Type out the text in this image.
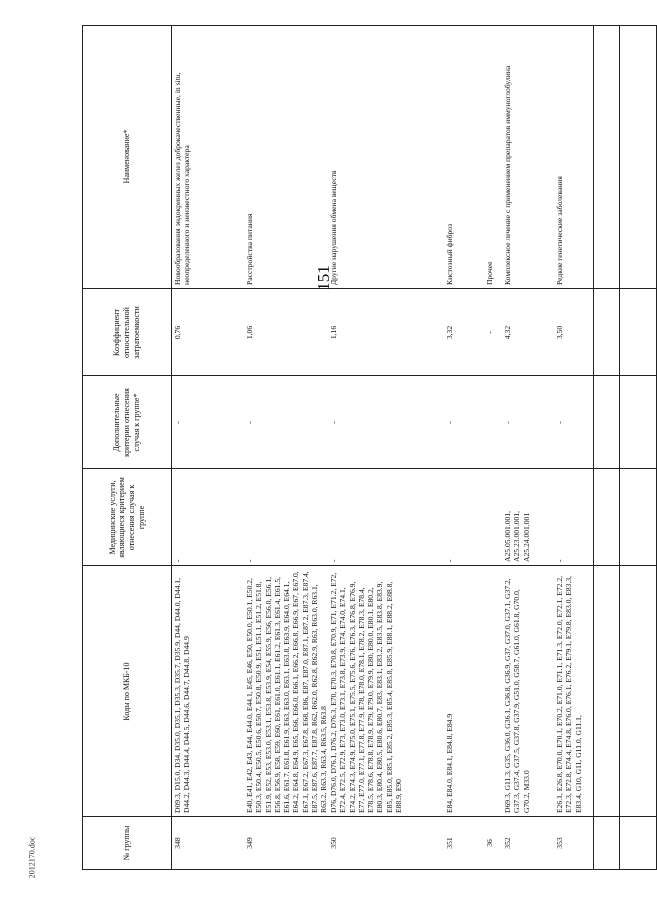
151
2012170.doc	№ группы
Коды по МКБ-10
Медицинские услуги, являющиеся критерием отнесения случая к группе
Дополнительные критерии отнесения случая к группе*
Коэффициент относительной затратоемкости
Наименование*
348
D09.3, D15.0, D34, D35.0, D35.1, D35.3, D35.7, D35.9, D44, D44.0, D44.1, D44.2, D44.3, D44.4, D44.5, D44.6, D44.7, D44.8, D44.9
-
-
0,76
Новообразования эндокринных желез доброкачественные, in situ, неопределенного и неизвестного характера
349
E40, E41, E42, E43, E44, E44.0, E44.1, E45, E46, E50, E50.0, E50.1, E50.2, E50.3, E50.4, E50.5, E50.6, E50.7, E50.8, E50.9, E51, E51.1, E51.2, E51.8, E51.9, E52, E53, E53.0, E53.1, E53.8, E53.9, E54, E55.9, E56, E56.0, E56.1, E56.8, E56.9, E58, E59, E60, E61, E61.0, E61.1, E61.2, E61.3, E61.4, E61.5, E61.6, E61.7, E61.8, E61.9, E63, E63.0, E63.1, E63.8, E63.9, E64.0, E64.1, E64.2, E64.8, E64.9, E65, E66, E66.0, E66.1, E66.2, E66.8, E66.9, E67, E67.0, E67.1, E67.2, E67.3, E67.8, E68, E86, E87, E87.0, E87.1, E87.2, E87.3, E87.4, E87.5, E87.6, E87.7, E87.8, R62, R62.0, R62.8, R62.9, R63, R63.0, R63.1, R63.2, R63.3, R63.4, R63.5, R63.8
-
-
1,06
Расстройства питания
350
D76, D76.0, D76.1, D76.2, D76.3, E70, E70.3, E70.8, E70.9, E71, E71.2, E72, E72.4, E72.5, E72.9, E73, E73.0, E73.1, E73.8, E73.9, E74, E74.0, E74.1, E74.2, E74.3, E74.9, E75.0, E75.1, E75.5, E75.6, E76, E76.3, E76.8, E76.9, E77, E77.0, E77.1, E77.8, E77.9, E78, E78.0, E78.1, E78.2, E78.3, E78.4, E78.5, E78.6, E78.8, E78.9, E79, E79.0, E79.9, E80, E80.0, E80.1, E80.2, E80.3, E80.4, E80.5, E80.6, E80.7, E83, E83.1, E83.2, E83.5, E83.8, E83.9, E85, E85.0, E85.1, E85.2, E85.3, E85.4, E85.8, E85.9, E88.1, E88.2, E88.8, E88.9, E90
-
-
1,16
Другие нарушения обмена веществ
351
E84, E84.0, E84.1, E84.8, E84.9
-
-
3,32
Кистозный фиброз
36
-
Прочее
352
D69.3, G11.3, G35, G36.0, G36.1, G36.8, G36.9, G37, G37.0, G37.1, G37.2, G37.3, G37.4, G37.5, G37.8, G37.9, G51.0, G58.7, G61.0, G61.8, G70.0, G70.2, M33.0
A25.05.001.001, A25.23.001.001, A25.24.001.001
-
4,32
Комплексное лечение с применением препаратов иммуноглобулина
353
E26.1, E26.8, E70.0, E70.1, E70.2, E71.0, E71.1, E71.3, E72.0, E72.1, E72.2, E72.3, E72.8, E74.4, E74.8, E76.0, E76.1, E76.2, E79.1, E79.8, E83.0, E83.3, E83.4, G10, G11, G11.0, G11.1,
-
-
3,50
Редкие генетические заболевания
